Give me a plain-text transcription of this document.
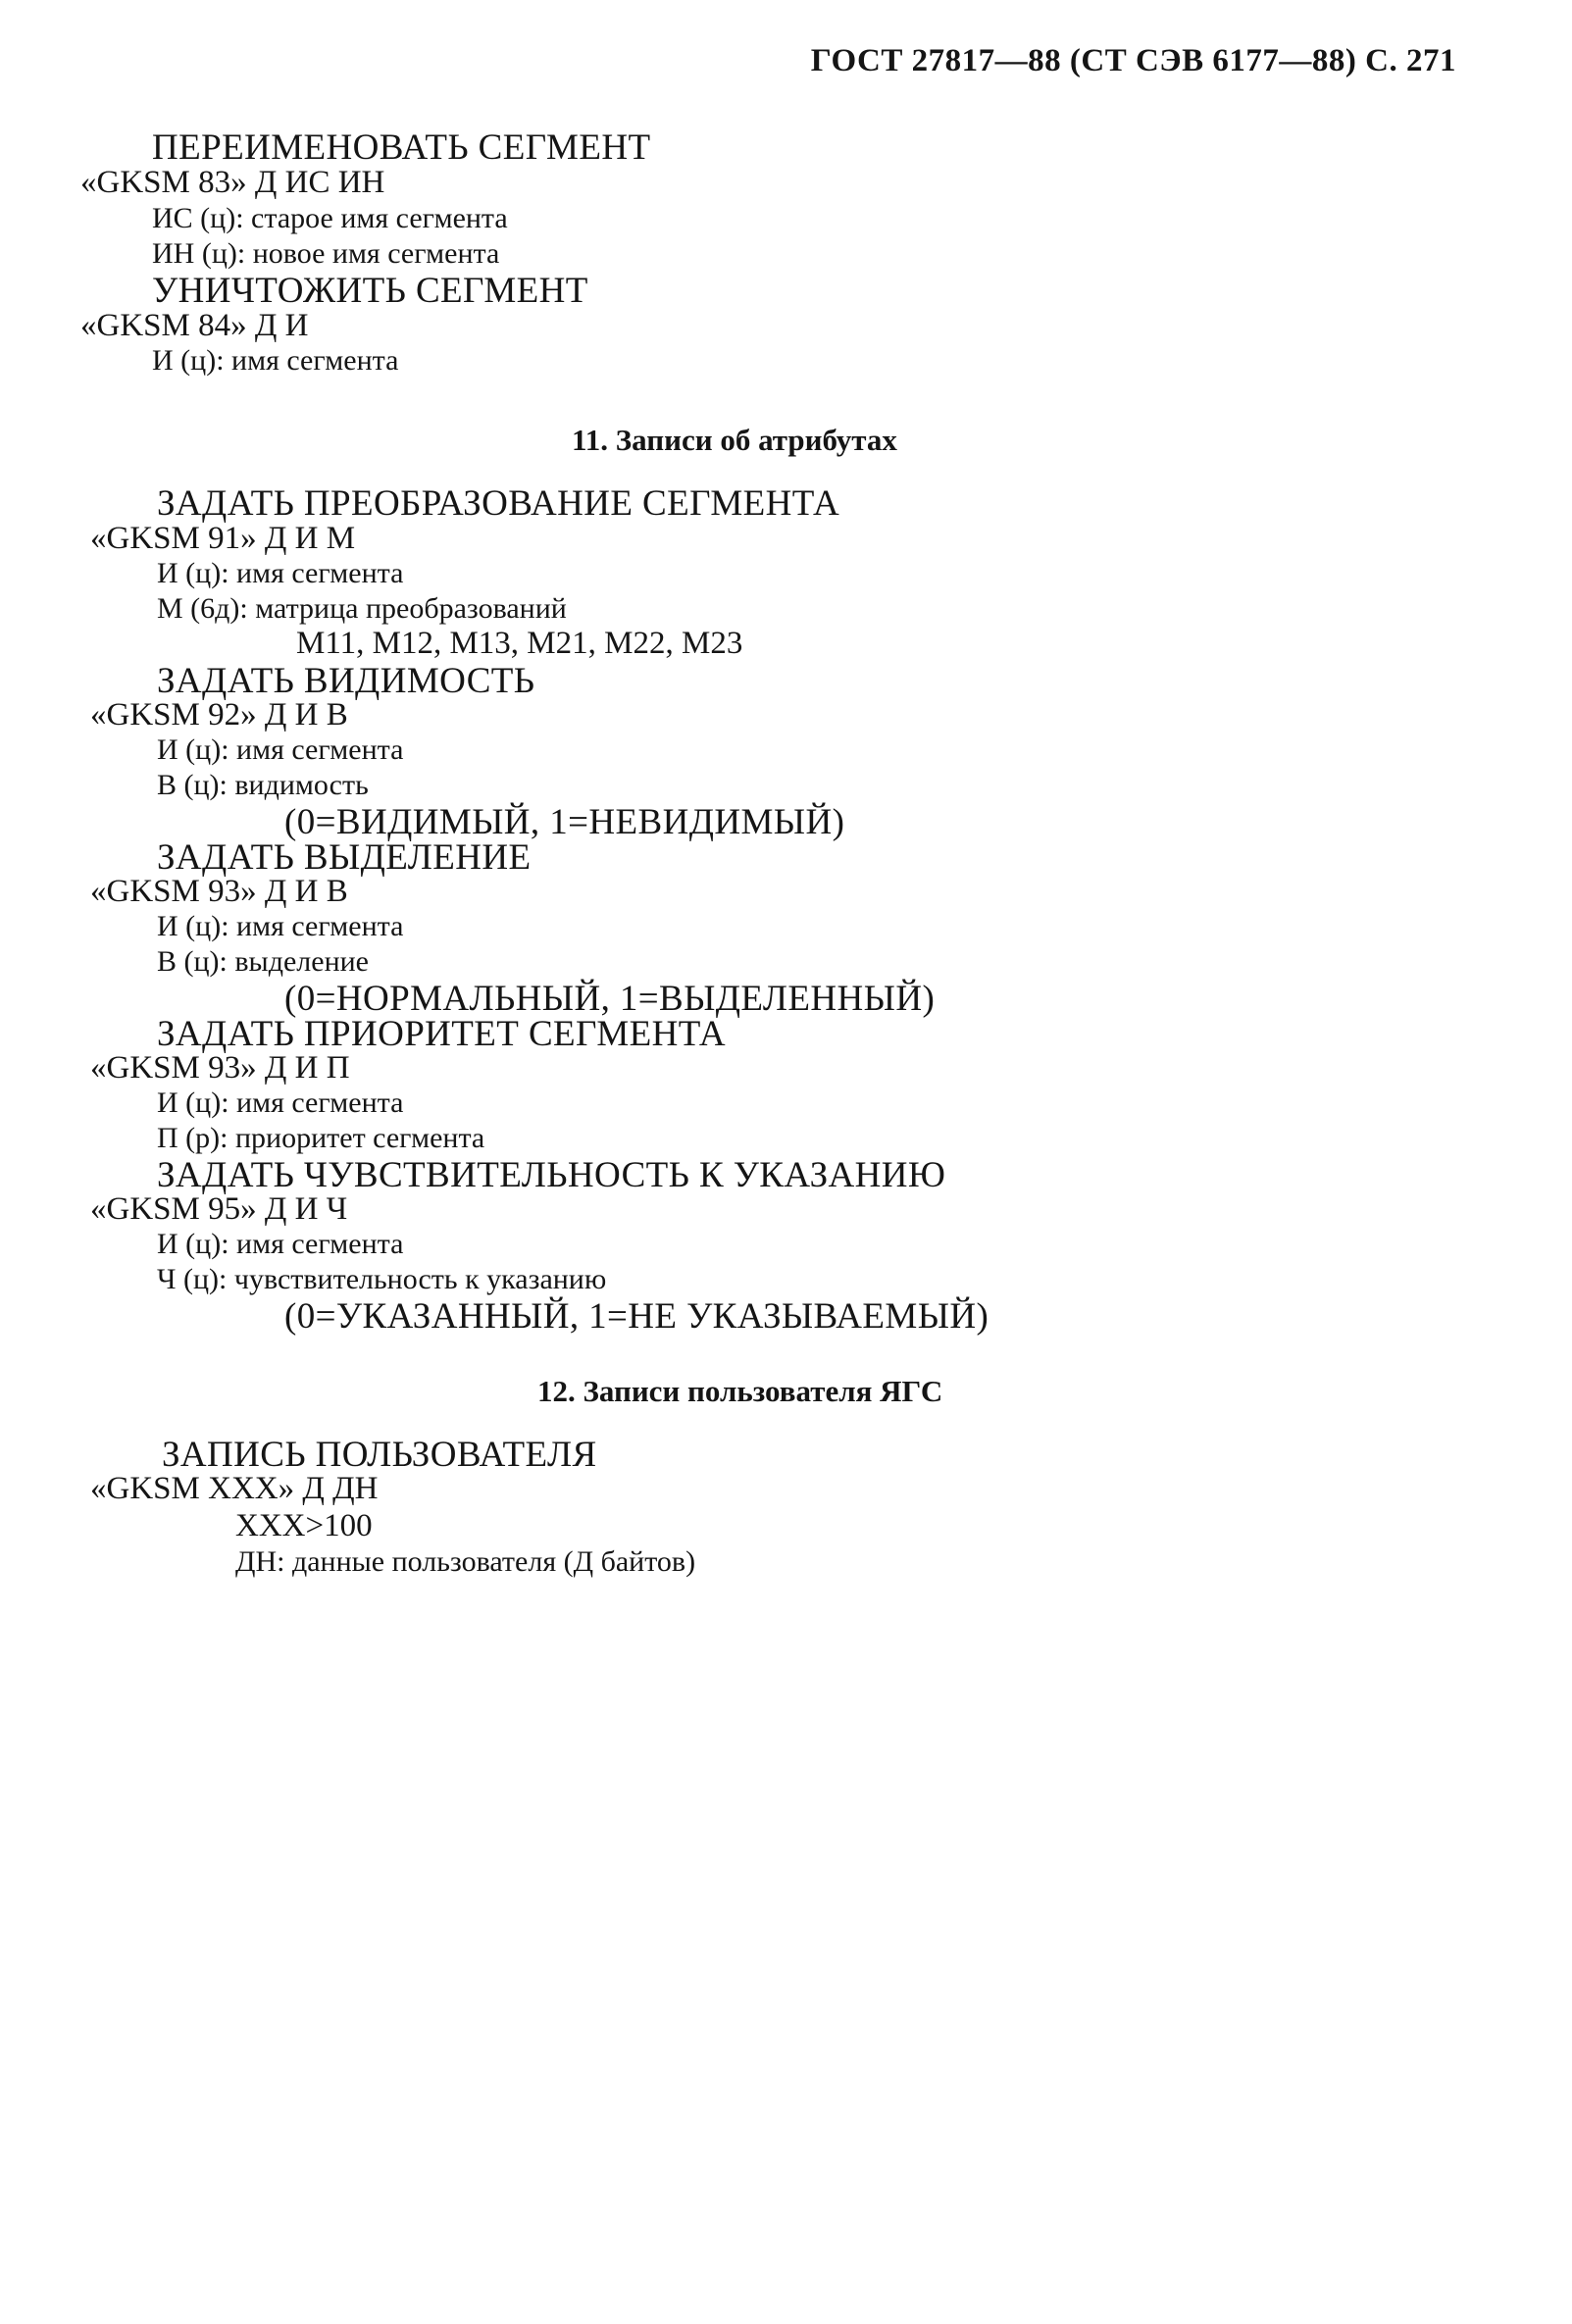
ГОСТ 27817—88 (СТ СЭВ 6177—88) С. 271
ПЕРЕИМЕНОВАТЬ СЕГМЕНТ
«GKSM 83» Д ИС ИН
ИС (ц): старое имя сегмента
ИН (ц): новое имя сегмента
УНИЧТОЖИТЬ СЕГМЕНТ
«GKSM 84» Д И
И (ц): имя сегмента
11. Записи об атрибутах
ЗАДАТЬ ПРЕОБРАЗОВАНИЕ СЕГМЕНТА
«GKSM 91» Д И М
И (ц): имя сегмента
М (6д): матрица преобразований
M11, M12, M13, M21, M22, M23
ЗАДАТЬ ВИДИМОСТЬ
«GKSM 92» Д И В
И (ц): имя сегмента
В (ц): видимость
(0=ВИДИМЫЙ, 1=НЕВИДИМЫЙ)
ЗАДАТЬ ВЫДЕЛЕНИЕ
«GKSM 93» Д И В
И (ц): имя сегмента
В (ц): выделение
(0=НОРМАЛЬНЫЙ, 1=ВЫДЕЛЕННЫЙ)
ЗАДАТЬ ПРИОРИТЕТ СЕГМЕНТА
«GKSM 93» Д И П
И (ц): имя сегмента
П (р): приоритет сегмента
ЗАДАТЬ ЧУВСТВИТЕЛЬНОСТЬ К УКАЗАНИЮ
«GKSM 95» Д И Ч
И (ц): имя сегмента
Ч (ц): чувствительность к указанию
(0=УКАЗАННЫЙ, 1=НЕ УКАЗЫВАЕМЫЙ)
12. Записи пользователя ЯГС
ЗАПИСЬ ПОЛЬЗОВАТЕЛЯ
«GKSM XXX» Д ДН
XXX>100
ДН: данные пользователя (Д байтов)
